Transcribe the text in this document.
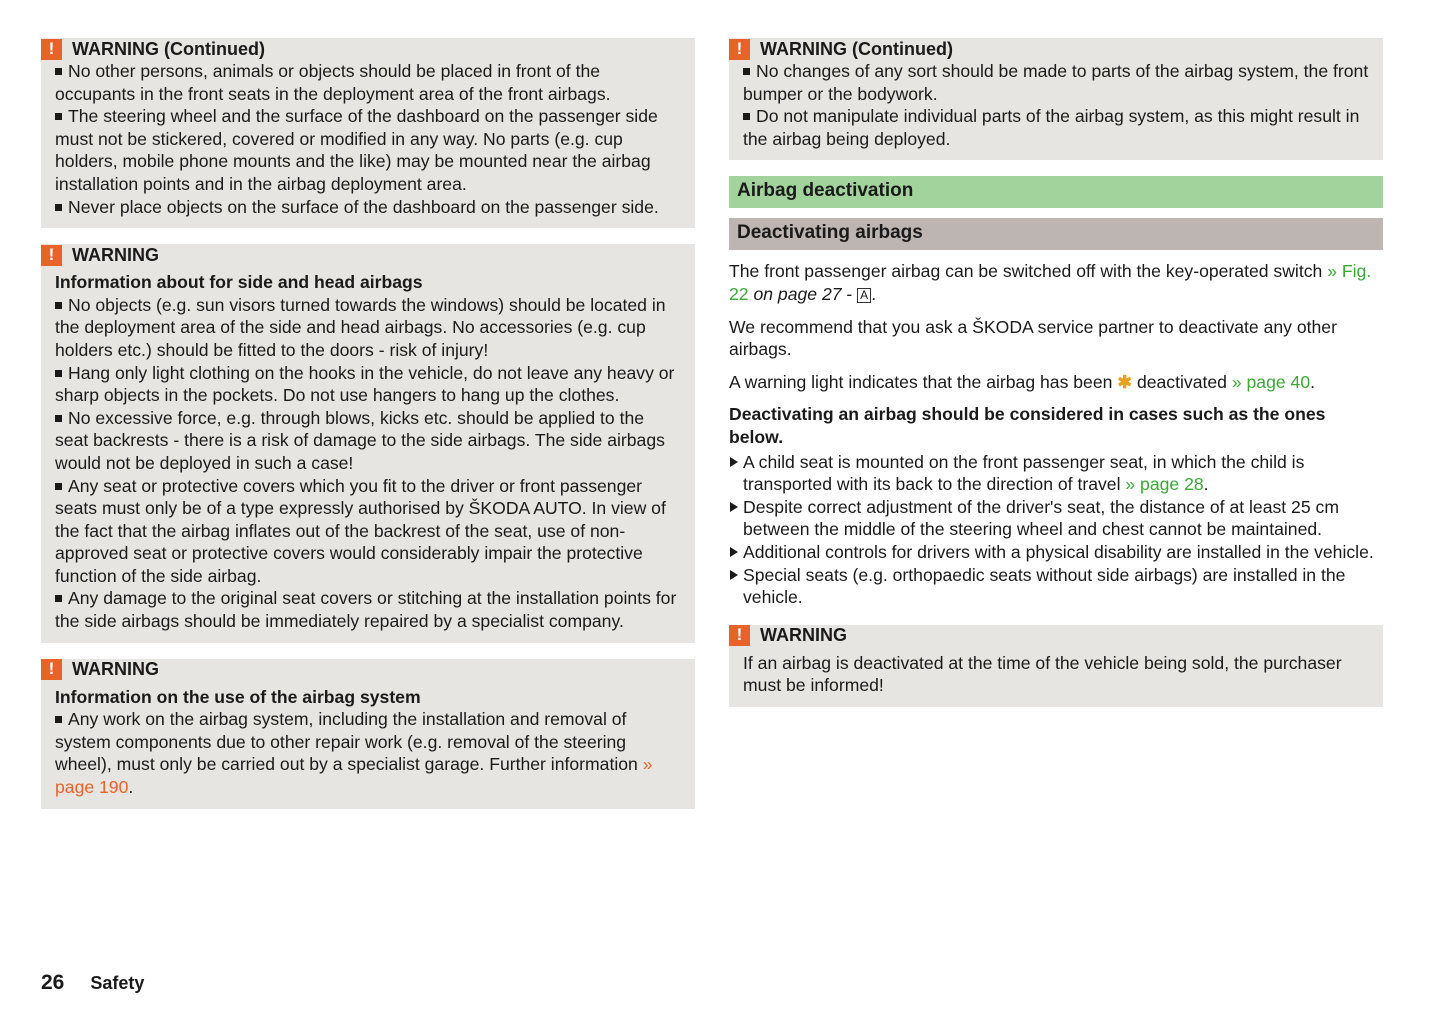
! WARNING (Continued)

No other persons, animals or objects should be placed in front of the occupants in the front seats in the deployment area of the front airbags.

The steering wheel and the surface of the dashboard on the passenger side must not be stickered, covered or modified in any way. No parts (e.g. cup holders, mobile phone mounts and the like) may be mounted near the airbag installation points and in the airbag deployment area.

Never place objects on the surface of the dashboard on the passenger side.

! WARNING

Information about for side and head airbags

No objects (e.g. sun visors turned towards the windows) should be located in the deployment area of the side and head airbags. No accessories (e.g. cup holders etc.) should be fitted to the doors - risk of injury!

Hang only light clothing on the hooks in the vehicle, do not leave any heavy or sharp objects in the pockets. Do not use hangers to hang up the clothes.

No excessive force, e.g. through blows, kicks etc. should be applied to the seat backrests - there is a risk of damage to the side airbags. The side airbags would not be deployed in such a case!

Any seat or protective covers which you fit to the driver or front passenger seats must only be of a type expressly authorised by ŠKODA AUTO. In view of the fact that the airbag inflates out of the backrest of the seat, use of non-approved seat or protective covers would considerably impair the protective function of the side airbag.

Any damage to the original seat covers or stitching at the installation points for the side airbags should be immediately repaired by a specialist company.

! WARNING

Information on the use of the airbag system

Any work on the airbag system, including the installation and removal of system components due to other repair work (e.g. removal of the steering wheel), must only be carried out by a specialist garage. Further information » page 190.

! WARNING (Continued)

No changes of any sort should be made to parts of the airbag system, the front bumper or the bodywork.

Do not manipulate individual parts of the airbag system, as this might result in the airbag being deployed.

Airbag deactivation
Deactivating airbags

The front passenger airbag can be switched off with the key-operated switch » Fig. 22 on page 27 - A .

We recommend that you ask a ŠKODA service partner to deactivate any other airbags.

A warning light indicates that the airbag has been ✱ deactivated » page 40.

Deactivating an airbag should be considered in cases such as the ones below.

A child seat is mounted on the front passenger seat, in which the child is transported with its back to the direction of travel » page 28.

Despite correct adjustment of the driver's seat, the distance of at least 25 cm between the middle of the steering wheel and chest cannot be maintained.

Additional controls for drivers with a physical disability are installed in the vehicle.

Special seats (e.g. orthopaedic seats without side airbags) are installed in the vehicle.

! WARNING

If an airbag is deactivated at the time of the vehicle being sold, the purchaser must be informed!

26 Safety
